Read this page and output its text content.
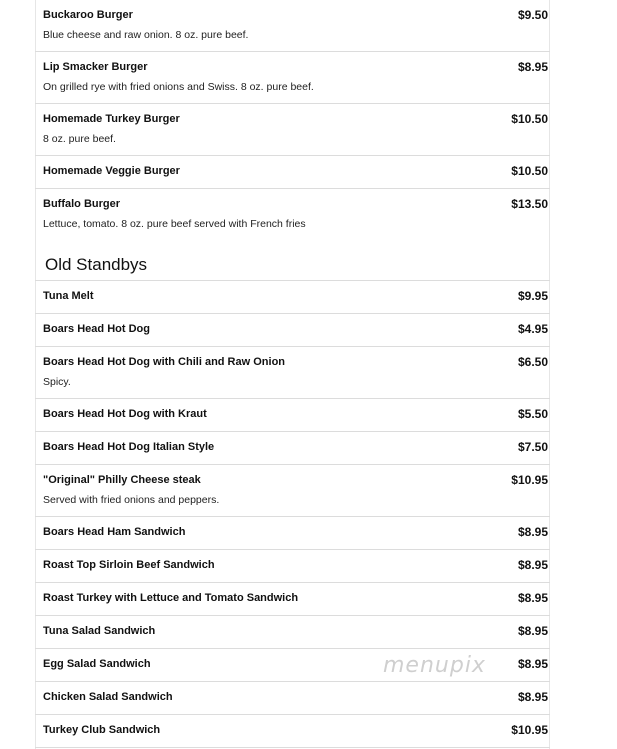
Buckaroo Burger	$9.50
Blue cheese and raw onion. 8 oz. pure beef.
Lip Smacker Burger	$8.95
On grilled rye with fried onions and Swiss. 8 oz. pure beef.
Homemade Turkey Burger	$10.50
8 oz. pure beef.
Homemade Veggie Burger	$10.50
Buffalo Burger	$13.50
Lettuce, tomato. 8 oz. pure beef served with French fries
Old Standbys
Tuna Melt	$9.95
Boars Head Hot Dog	$4.95
Boars Head Hot Dog with Chili and Raw Onion	$6.50
Spicy.
Boars Head Hot Dog with Kraut	$5.50
Boars Head Hot Dog Italian Style	$7.50
"Original" Philly Cheese steak	$10.95
Served with fried onions and peppers.
Boars Head Ham Sandwich	$8.95
Roast Top Sirloin Beef Sandwich	$8.95
Roast Turkey with Lettuce and Tomato Sandwich	$8.95
Tuna Salad Sandwich	$8.95
Egg Salad Sandwich	$8.95
Chicken Salad Sandwich	$8.95
Turkey Club Sandwich	$10.95
menupix
